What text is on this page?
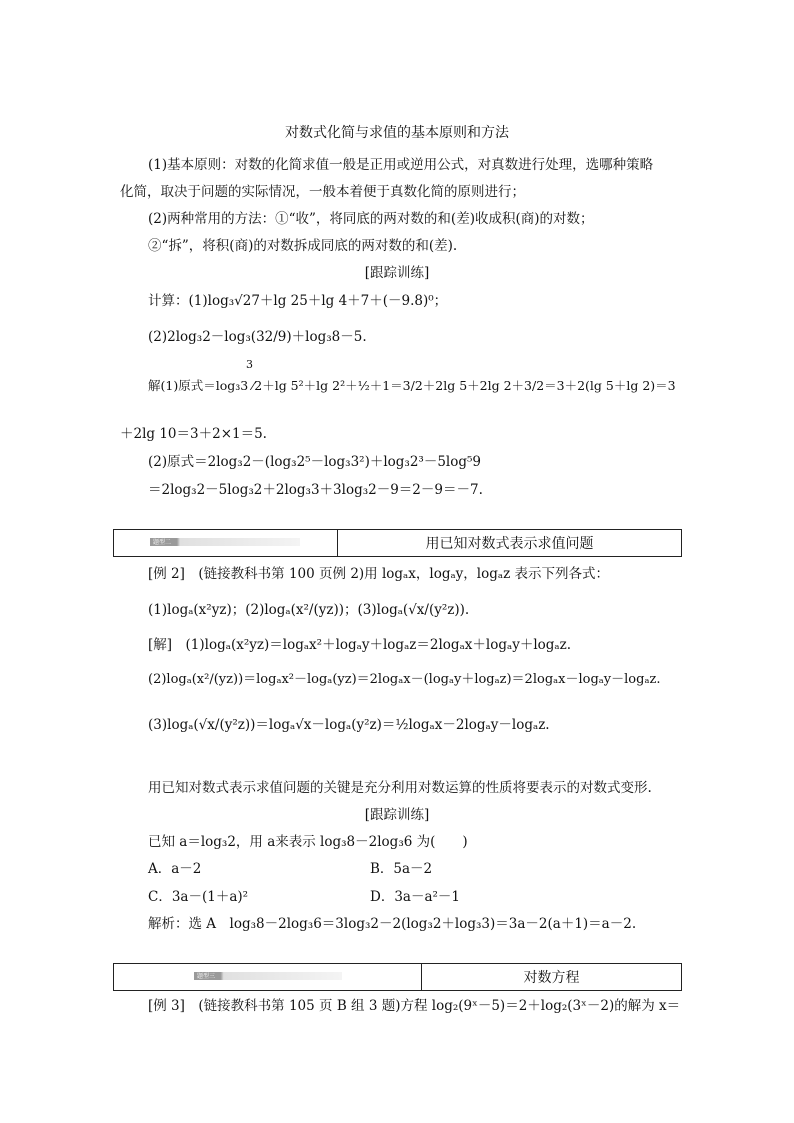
对数式化简与求值的基本原则和方法
(1)基本原则：对数的化简求值一般是正用或逆用公式，对真数进行处理，选哪种策略
化简，取决于问题的实际情况，一般本着便于真数化简的原则进行；
(2)两种常用的方法：①“收”，将同底的两对数的和(差)收成积(商)的对数；
②“拆”，将积(商)的对数拆成同底的两对数的和(差).
[跟踪训练]
计算：(1)log₃√27＋lg 25＋lg 4＋7＋(－9.8)⁰；
(2)2log₃2－log₃(32/9)＋log₃8－5.
3
解(1)原式＝log₃3 ⁄2＋lg 5²＋lg 2²＋½＋1＝3/2＋2lg 5＋2lg 2＋3/2＝3＋2(lg 5＋lg 2)＝3
＋2lg 10＝3＋2×1＝5.
(2)原式＝2log₃2－(log₃2⁵－log₃3²)＋log₃2³－5log⁵9
＝2log₃2－5log₃2＋2log₃3＋3log₃2－9＝2－9＝－7.
题型二	用已知对数式表示求值问题
[例 2]　(链接教科书第 100 页例 2)用 logₐx，logₐy，logₐz 表示下列各式：
(1)logₐ(x²yz)；(2)logₐ(x²/(yz))；(3)logₐ(√x/(y²z)).
[解]　(1)logₐ(x²yz)＝logₐx²＋logₐy＋logₐz＝2logₐx＋logₐy＋logₐz.
(2)logₐ(x²/(yz))＝logₐx²－logₐ(yz)＝2logₐx－(logₐy＋logₐz)＝2logₐx－logₐy－logₐz.
(3)logₐ(√x/(y²z))＝logₐ√x－logₐ(y²z)＝½logₐx－2logₐy－logₐz.
用已知对数式表示求值问题的关键是充分利用对数运算的性质将要表示的对数式变形.
[跟踪训练]
已知 a＝log₃2，用 a来表示 log₃8－2log₃6 为(　　)
A．a－2	B．5a－2
C．3a－(1＋a)²	D．3a－a²－1
解析：选 A　log₃8－2log₃6＝3log₃2－2(log₃2＋log₃3)＝3a－2(a＋1)＝a－2.
题型三	对数方程
[例 3]　(链接教科书第 105 页 B 组 3 题)方程 log₂(9ˣ－5)＝2＋log₂(3ˣ－2)的解为 x＝
